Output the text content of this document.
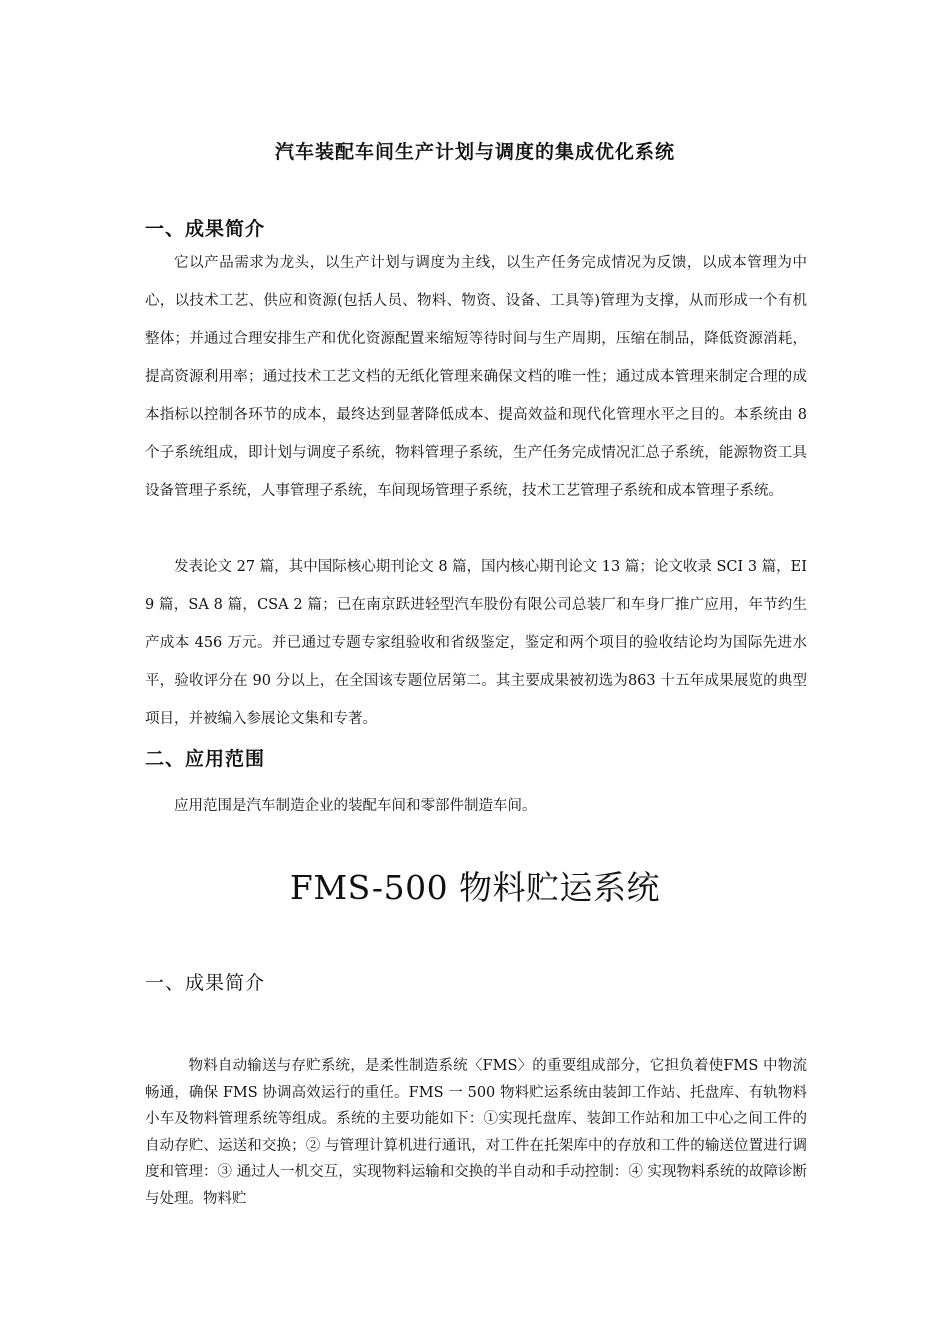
汽车装配车间生产计划与调度的集成优化系统
一、成果简介
它以产品需求为龙头，以生产计划与调度为主线，以生产任务完成情况为反馈，以成本管理为中心，以技术工艺、供应和资源(包括人员、物料、物资、设备、工具等)管理为支撑，从而形成一个有机整体；并通过合理安排生产和优化资源配置来缩短等待时间与生产周期，压缩在制品，降低资源消耗，提高资源利用率；通过技术工艺文档的无纸化管理来确保文档的唯一性；通过成本管理来制定合理的成本指标以控制各环节的成本，最终达到显著降低成本、提高效益和现代化管理水平之目的。本系统由 8 个子系统组成，即计划与调度子系统，物料管理子系统，生产任务完成情况汇总子系统，能源物资工具设备管理子系统，人事管理子系统，车间现场管理子系统，技术工艺管理子系统和成本管理子系统。
发表论文 27 篇，其中国际核心期刊论文 8 篇，国内核心期刊论文 13 篇；论文收录 SCI 3 篇，EI 9 篇，SA 8 篇，CSA 2 篇；已在南京跃进轻型汽车股份有限公司总装厂和车身厂推广应用，年节约生产成本 456 万元。并已通过专题专家组验收和省级鉴定，鉴定和两个项目的验收结论均为国际先进水平，验收评分在 90 分以上，在全国该专题位居第二。其主要成果被初选为863 十五年成果展览的典型项目，并被编入参展论文集和专著。
二、应用范围
应用范围是汽车制造企业的装配车间和零部件制造车间。
FMS-500 物料贮运系统
一、成果简介
物料自动输送与存贮系统，是柔性制造系统〈FMS〉的重要组成部分，它担负着使FMS 中物流畅通，确保 FMS 协调高效运行的重任。FMS 一 500 物料贮运系统由装卸工作站、托盘库、有轨物料小车及物料管理系统等组成。系统的主要功能如下：①实现托盘库、装卸工作站和加工中心之间工件的自动存贮、运送和交换；② 与管理计算机进行通讯，对工件在托架库中的存放和工件的输送位置进行调度和管理：③ 通过人一机交互，实现物料运输和交换的半自动和手动控制：④ 实现物料系统的故障诊断与处理。物料贮
